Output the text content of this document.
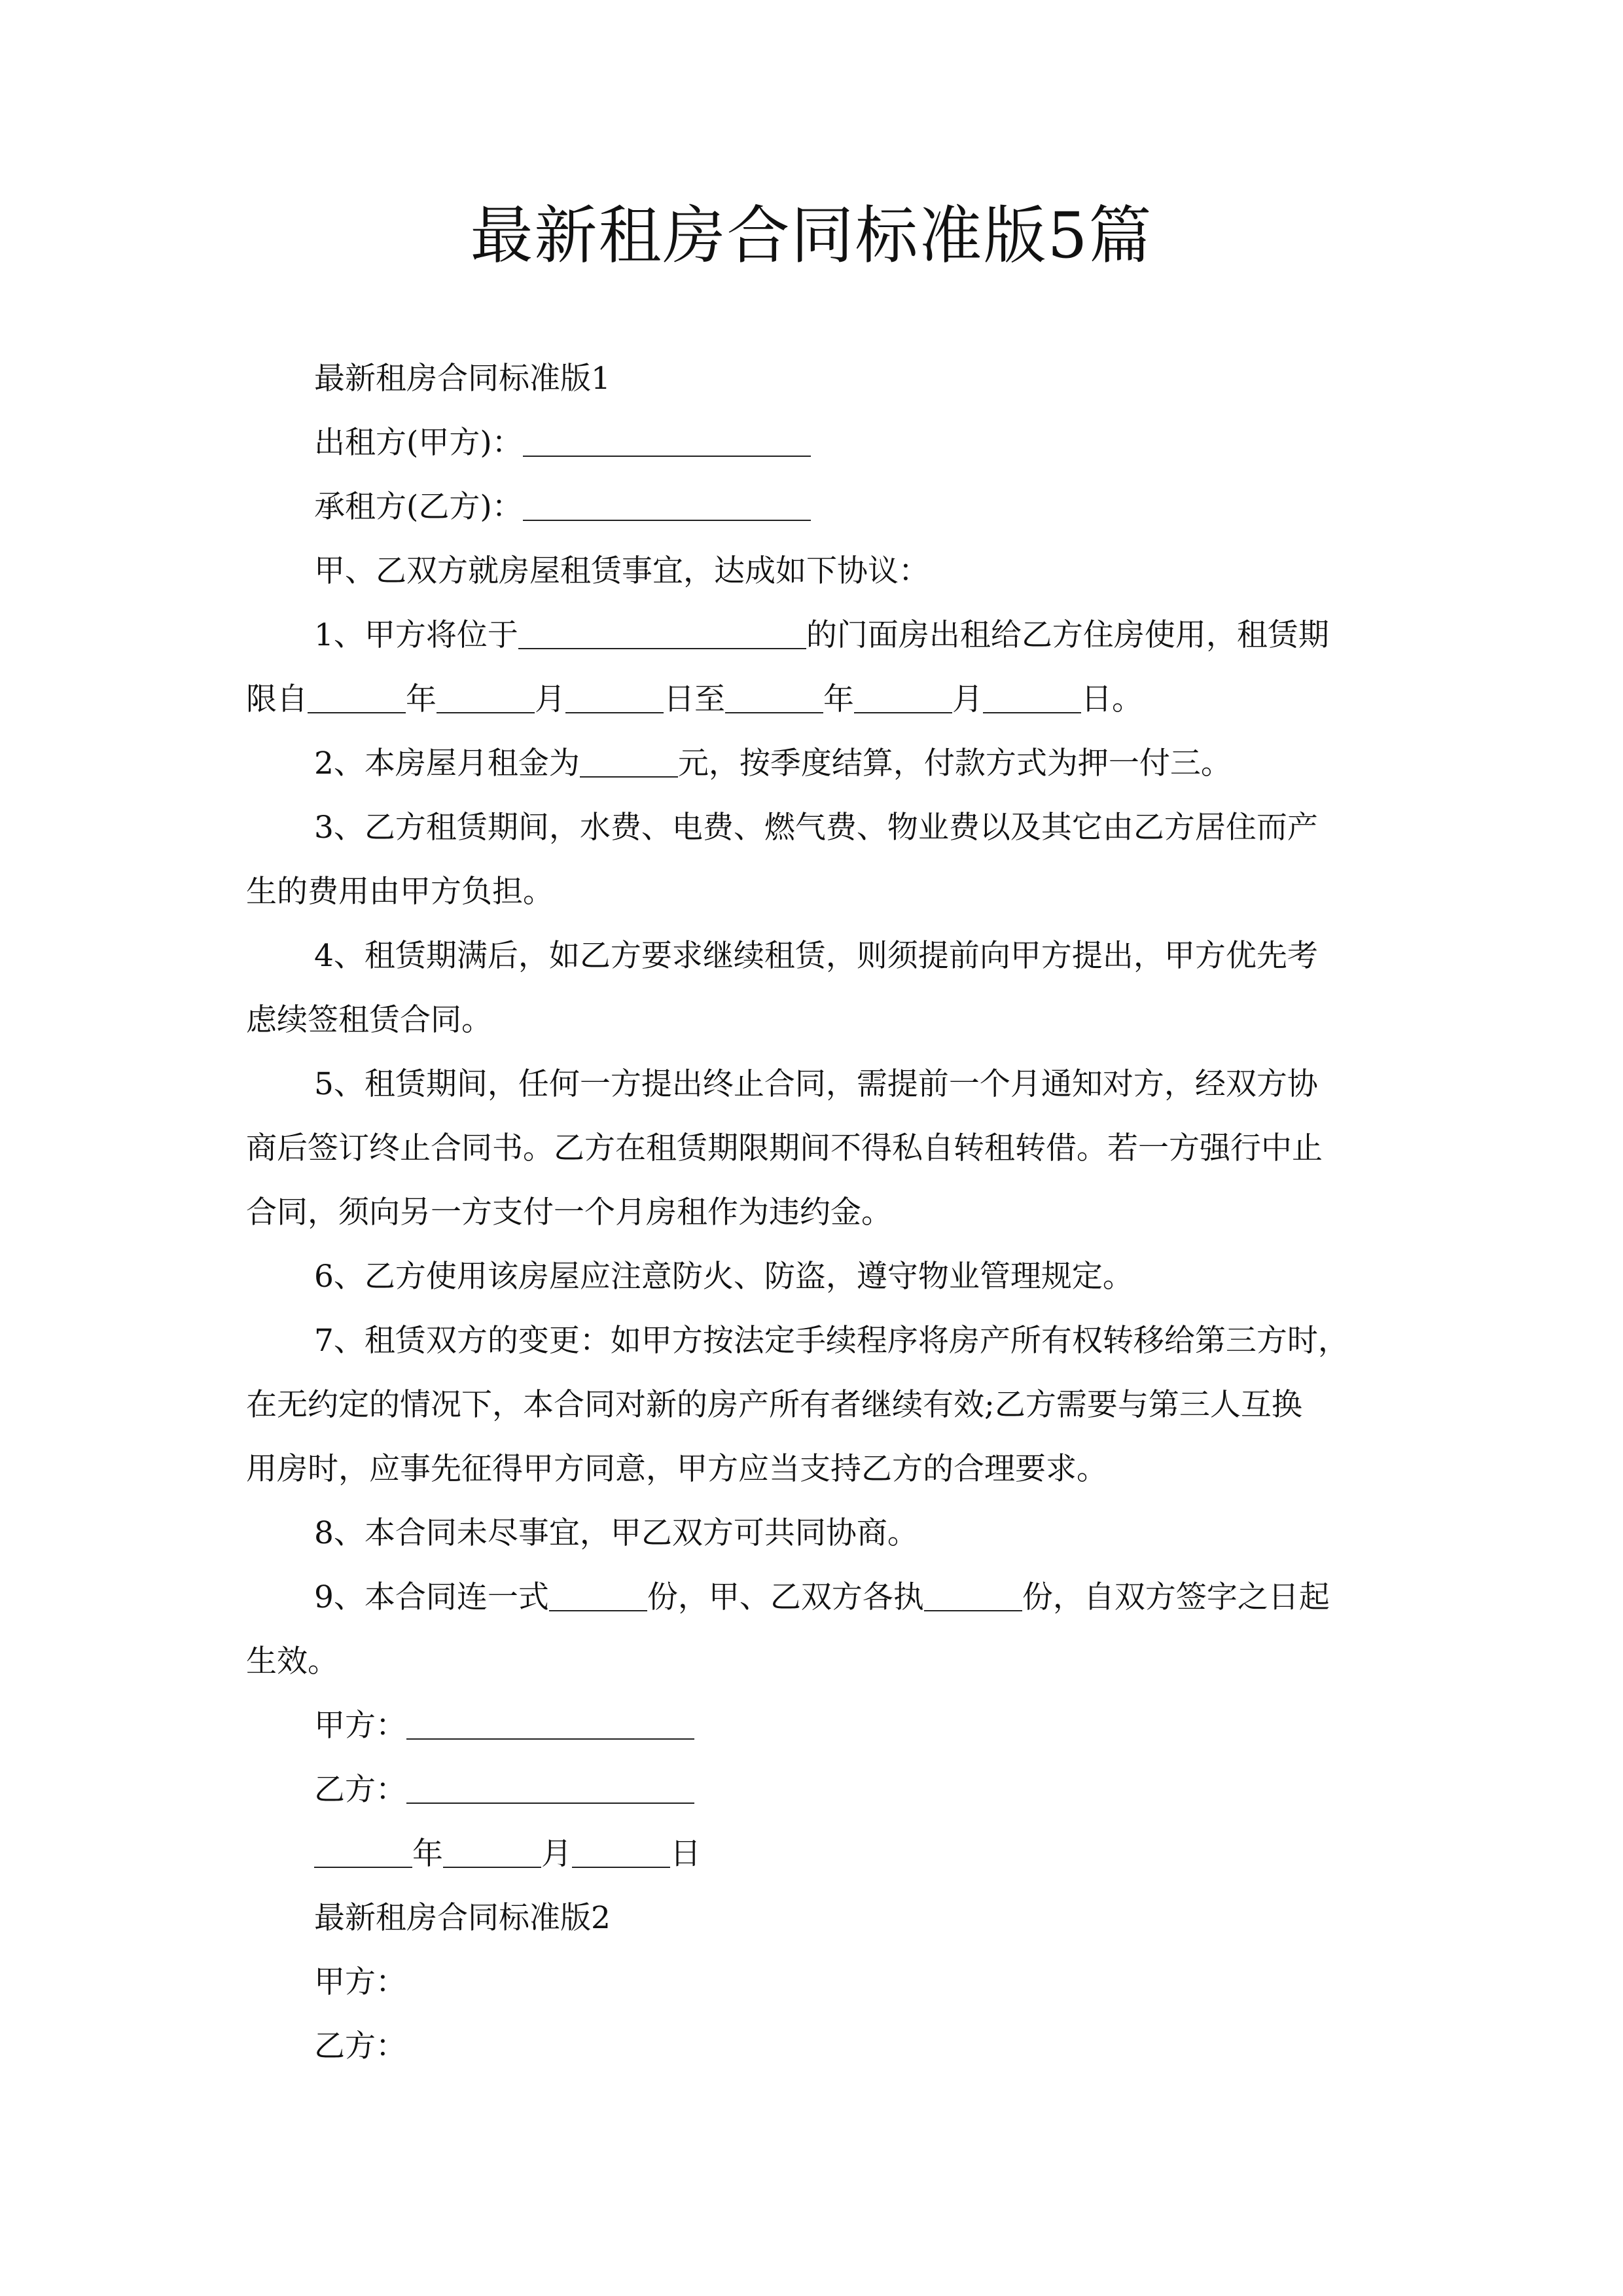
最新租房合同标准版5篇
最新租房合同标准版1
出租方(甲方)：
承租方(乙方)：
甲、乙双方就房屋租赁事宜，达成如下协议：
1、甲方将位于	的门面房出租给乙方住房使用，租赁期
限自	年	月	日至	年	月	日。
2、本房屋月租金为	元，按季度结算，付款方式为押一付三。
3、乙方租赁期间，水费、电费、燃气费、物业费以及其它由乙方居住而产
生的费用由甲方负担。
4、租赁期满后，如乙方要求继续租赁，则须提前向甲方提出，甲方优先考
虑续签租赁合同。
5、租赁期间，任何一方提出终止合同，需提前一个月通知对方，经双方协
商后签订终止合同书。乙方在租赁期限期间不得私自转租转借。若一方强行中止
合同，须向另一方支付一个月房租作为违约金。
6、乙方使用该房屋应注意防火、防盗，遵守物业管理规定。
7、租赁双方的变更：如甲方按法定手续程序将房产所有权转移给第三方时，
在无约定的情况下，本合同对新的房产所有者继续有效;乙方需要与第三人互换
用房时，应事先征得甲方同意，甲方应当支持乙方的合理要求。
8、本合同未尽事宜，甲乙双方可共同协商。
9、本合同连一式	份，甲、乙双方各执	份，自双方签字之日起
生效。
甲方：
乙方：
年	月	日
最新租房合同标准版2
甲方：
乙方：
